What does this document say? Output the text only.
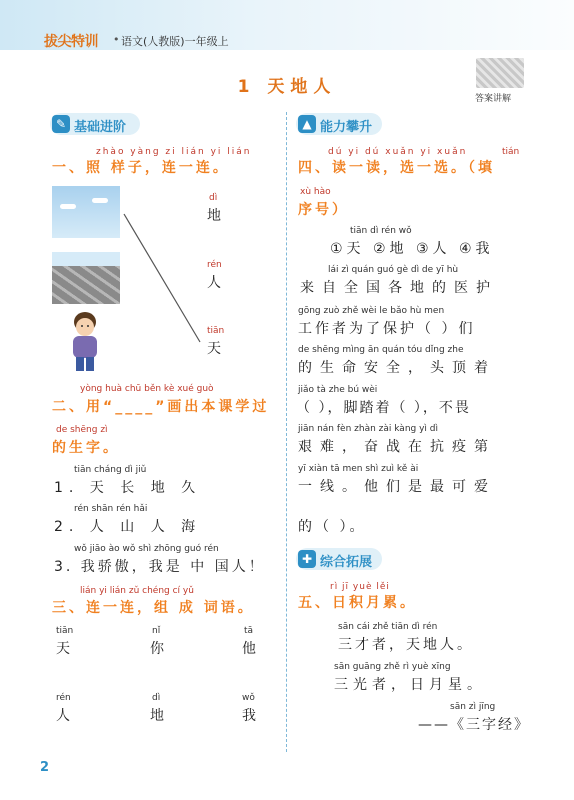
拔尖特训 • 语文(人教版)一年级上
1 天地人
答案讲解
✎ 基础进阶
zhào yàng zi lián yi lián
一、照 样子，连一连。
dì
地
rén
人
tiān
天
yòng huà chū běn kè xué guò
二、用“____”画出本课学过
de shēng zì
的生字。
tiān cháng dì jiǔ
1. 天 长 地 久
rén shān rén hǎi
2. 人 山 人 海
wǒ jiāo ào wǒ shì zhōng guó rén
3. 我骄傲，我是 中 国人！
lián yi lián zǔ chéng cí yǔ
三、连一连，组 成 词语。
tiān
天
nǐ
你
tā
他
rén
人
dì
地
wǒ
我
▲ 能力攀升
dú yi dú xuǎn yi xuǎn	tián
四、读一读，选一选。（填
xù hào
序号）
tiān dì rén wǒ
①天 ②地 ③人 ④我
lái zì quán guó gè dì de yī hù
来自全国各地的医护
gōng zuò zhě wèi le bǎo hù men
工作者为了保护（ ）们
de shēng mìng ān quán tóu dǐng zhe
的生命安全，头顶着
jiǎo tà zhe bú wèi
（ ），脚踏着（ ），不畏
jiān nán fèn zhàn zài kàng yì dì
艰难，奋战在抗疫第
yī xiàn tā men shì zuì kě ài
一线。他们是最可爱
的（ ）。
✚ 综合拓展
rì jī yuè lěi
五、日积月累。
sān cái zhě tiān dì rén
三才者，天地人。
sān guāng zhě rì yuè xīng
三光者，日月星。
sān zì jīng
——《三字经》
2
